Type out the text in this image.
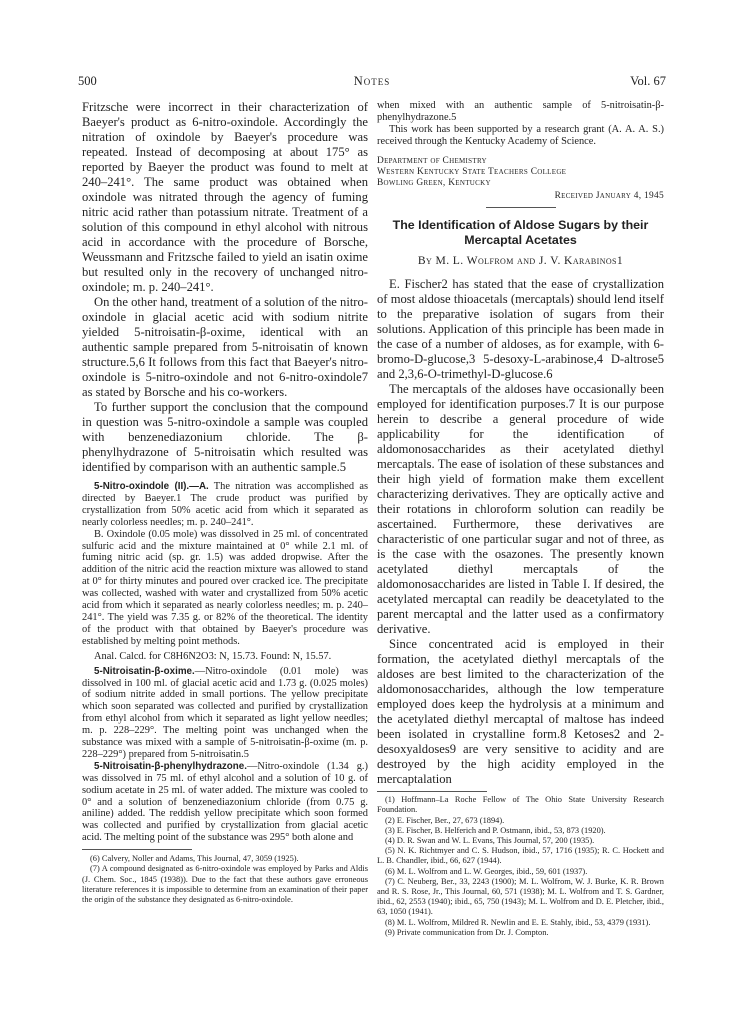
500	Notes	Vol. 67

Fritzsche were incorrect in their characterization of Baeyer's product as 6-nitro-oxindole. Accordingly the nitration of oxindole by Baeyer's procedure was repeated. Instead of decomposing at about 175° as reported by Baeyer the product was found to melt at 240–241°. The same product was obtained when oxindole was nitrated through the agency of fuming nitric acid rather than potassium nitrate. Treatment of a solution of this compound in ethyl alcohol with nitrous acid in accordance with the procedure of Borsche, Weussmann and Fritzsche failed to yield an isatin oxime but resulted only in the recovery of unchanged nitro-oxindole; m. p. 240–241°.

On the other hand, treatment of a solution of the nitro-oxindole in glacial acetic acid with sodium nitrite yielded 5-nitroisatin-β-oxime, identical with an authentic sample prepared from 5-nitroisatin of known structure.5,6 It follows from this fact that Baeyer's nitro-oxindole is 5-nitro-oxindole and not 6-nitro-oxindole7 as stated by Borsche and his co-workers.

To further support the conclusion that the compound in question was 5-nitro-oxindole a sample was coupled with benzenediazonium chloride. The β-phenylhydrazone of 5-nitroisatin which resulted was identified by comparison with an authentic sample.5

5-Nitro-oxindole (II).—A. The nitration was accomplished as directed by Baeyer.1 The crude product was purified by crystallization from 50% acetic acid from which it separated as nearly colorless needles; m. p. 240–241°.

B. Oxindole (0.05 mole) was dissolved in 25 ml. of concentrated sulfuric acid and the mixture maintained at 0° while 2.1 ml. of fuming nitric acid (sp. gr. 1.5) was added dropwise. After the addition of the nitric acid the reaction mixture was allowed to stand at 0° for thirty minutes and poured over cracked ice. The precipitate was collected, washed with water and crystallized from 50% acetic acid from which it separated as nearly colorless needles; m. p. 240–241°. The yield was 7.35 g. or 82% of the theoretical. The identity of the product with that obtained by Baeyer's procedure was established by melting point methods.

Anal. Calcd. for C8H6N2O3: N, 15.73. Found: N, 15.57.

5-Nitroisatin-β-oxime.—Nitro-oxindole (0.01 mole) was dissolved in 100 ml. of glacial acetic acid and 1.73 g. (0.025 moles) of sodium nitrite added in small portions. The yellow precipitate which soon separated was collected and purified by crystallization from ethyl alcohol from which it separated as light yellow needles; m. p. 228–229°. The melting point was unchanged when the substance was mixed with a sample of 5-nitroisatin-β-oxime (m. p. 228–229°) prepared from 5-nitroisatin.5

5-Nitroisatin-β-phenylhydrazone.—Nitro-oxindole (1.34 g.) was dissolved in 75 ml. of ethyl alcohol and a solution of 10 g. of sodium acetate in 25 ml. of water added. The mixture was cooled to 0° and a solution of benzenediazonium chloride (from 0.75 g. aniline) added. The reddish yellow precipitate which soon formed was collected and purified by crystallization from glacial acetic acid. The melting point of the substance was 295° both alone and

(6) Calvery, Noller and Adams, This Journal, 47, 3059 (1925).

(7) A compound designated as 6-nitro-oxindole was employed by Parks and Aldis (J. Chem. Soc., 1845 (1938)). Due to the fact that these authors gave erroneous literature references it is impossible to determine from an examination of their paper the origin of the substance they designated as 6-nitro-oxindole.

when mixed with an authentic sample of 5-nitroisatin-β-phenylhydrazone.5

This work has been supported by a research grant (A. A. A. S.) received through the Kentucky Academy of Science.

Department of Chemistry
Western Kentucky State Teachers College
Bowling Green, Kentucky

Received January 4, 1945

The Identification of Aldose Sugars by their Mercaptal Acetates

By M. L. Wolfrom and J. V. Karabinos1

E. Fischer2 has stated that the ease of crystallization of most aldose thioacetals (mercaptals) should lend itself to the preparative isolation of sugars from their solutions. Application of this principle has been made in the case of a number of aldoses, as for example, with 6-bromo-D-glucose,3 5-desoxy-L-arabinose,4 D-altrose5 and 2,3,6-O-trimethyl-D-glucose.6

The mercaptals of the aldoses have occasionally been employed for identification purposes.7 It is our purpose herein to describe a general procedure of wide applicability for the identification of aldomonosaccharides as their acetylated diethyl mercaptals. The ease of isolation of these substances and their high yield of formation make them excellent characterizing derivatives. They are optically active and their rotations in chloroform solution can readily be ascertained. Furthermore, these derivatives are characteristic of one particular sugar and not of three, as is the case with the osazones. The presently known acetylated diethyl mercaptals of the aldomonosaccharides are listed in Table I. If desired, the acetylated mercaptal can readily be deacetylated to the parent mercaptal and the latter used as a confirmatory derivative.

Since concentrated acid is employed in their formation, the acetylated diethyl mercaptals of the aldoses are best limited to the characterization of the aldomonosaccharides, although the low temperature employed does keep the hydrolysis at a minimum and the acetylated diethyl mercaptal of maltose has indeed been isolated in crystalline form.8 Ketoses2 and 2-desoxyaldoses9 are very sensitive to acidity and are destroyed by the high acidity employed in the mercaptalation

(1) Hoffmann–La Roche Fellow of The Ohio State University Research Foundation.

(2) E. Fischer, Ber., 27, 673 (1894).

(3) E. Fischer, B. Helferich and P. Ostmann, ibid., 53, 873 (1920).

(4) D. R. Swan and W. L. Evans, This Journal, 57, 200 (1935).

(5) N. K. Richtmyer and C. S. Hudson, ibid., 57, 1716 (1935); R. C. Hockett and L. B. Chandler, ibid., 66, 627 (1944).

(6) M. L. Wolfrom and L. W. Georges, ibid., 59, 601 (1937).

(7) C. Neuberg, Ber., 33, 2243 (1900); M. L. Wolfrom, W. J. Burke, K. R. Brown and R. S. Rose, Jr., This Journal, 60, 571 (1938); M. L. Wolfrom and T. S. Gardner, ibid., 62, 2553 (1940); ibid., 65, 750 (1943); M. L. Wolfrom and D. E. Pletcher, ibid., 63, 1050 (1941).

(8) M. L. Wolfrom, Mildred R. Newlin and E. E. Stahly, ibid., 53, 4379 (1931).

(9) Private communication from Dr. J. Compton.
